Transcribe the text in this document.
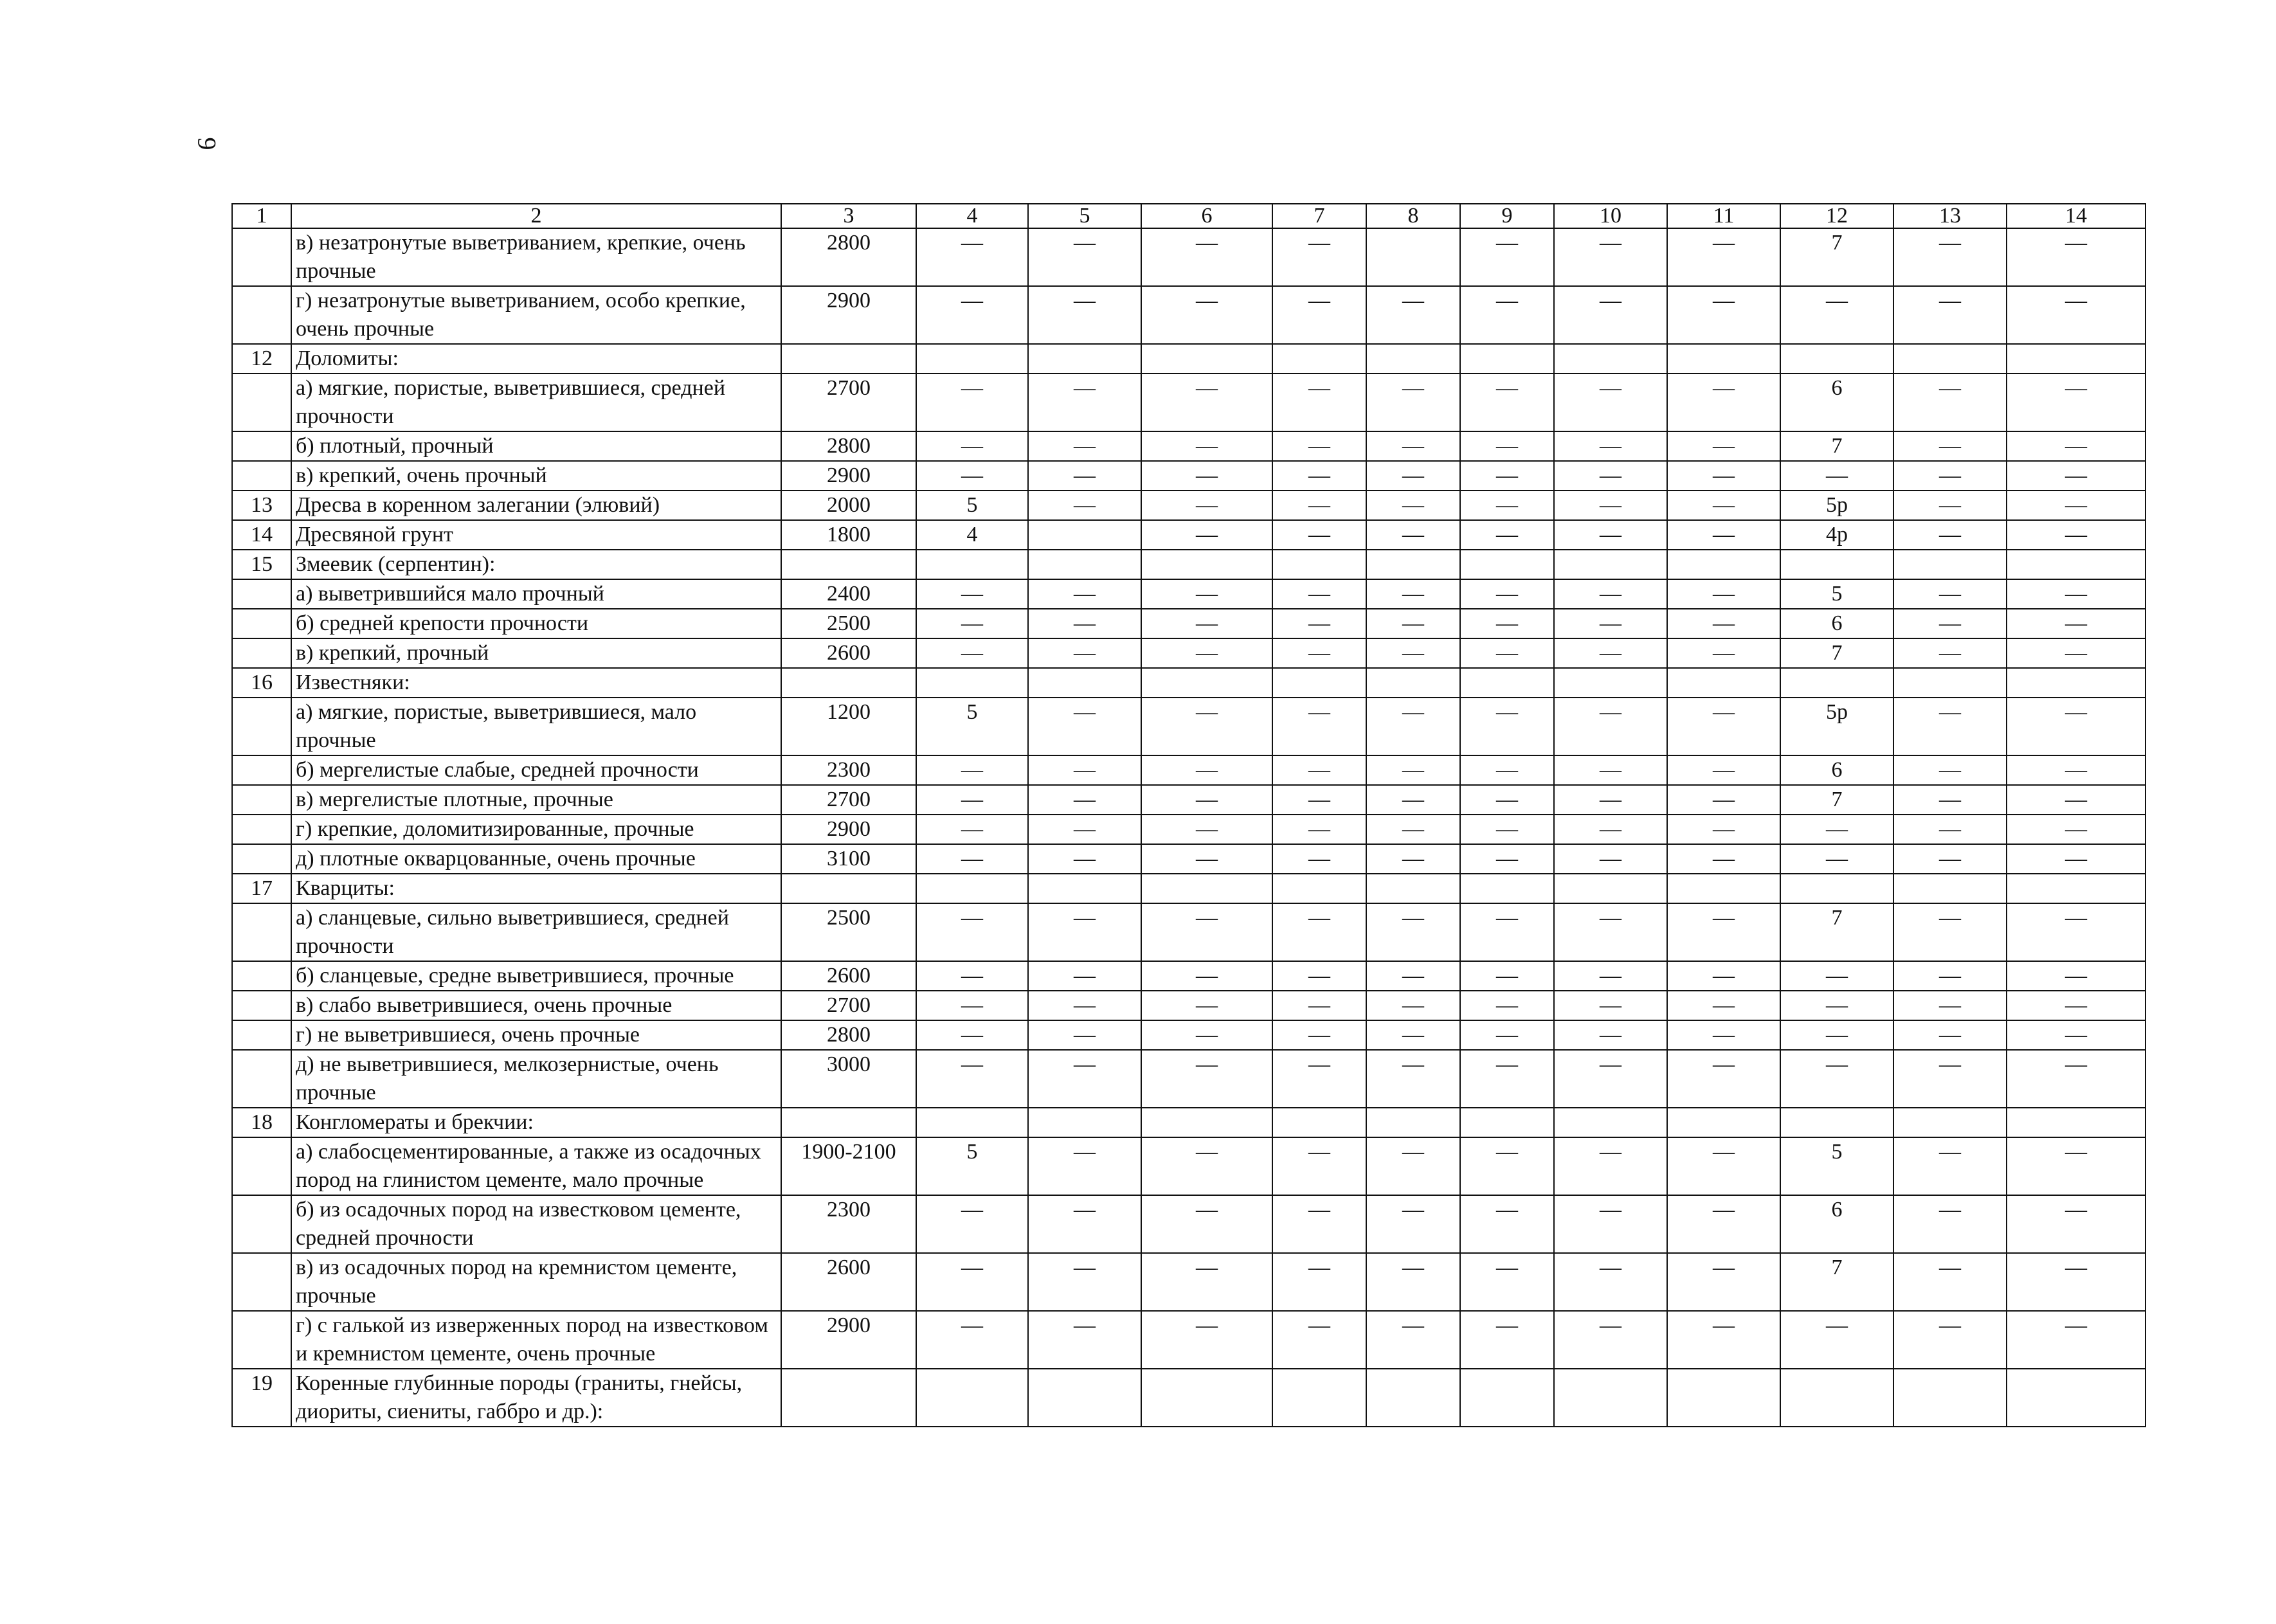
9
1	2	3	4	5	6	7	8	9	10	11	12	13	14
	в) незатронутые выветриванием, крепкие, очень прочные	2800	—	—	—	—		—	—	—	7	—	—
	г) незатронутые выветриванием, особо крепкие, очень прочные	2900	—	—	—	—	—	—	—	—	—	—	—
12	Доломиты:												
	а) мягкие, пористые, выветрившиеся, средней прочности	2700	—	—	—	—	—	—	—	—	6	—	—
	б) плотный, прочный	2800	—	—	—	—	—	—	—	—	7	—	—
	в) крепкий, очень прочный	2900	—	—	—	—	—	—	—	—	—	—	—
13	Дресва в коренном залегании (элювий)	2000	5	—	—	—	—	—	—	—	5р	—	—
14	Дресвяной грунт	1800	4		—	—	—	—	—	—	4р	—	—
15	Змеевик (серпентин):												
	а) выветрившийся мало прочный	2400	—	—	—	—	—	—	—	—	5	—	—
	б) средней крепости прочности	2500	—	—	—	—	—	—	—	—	6	—	—
	в) крепкий, прочный	2600	—	—	—	—	—	—	—	—	7	—	—
16	Известняки:												
	а) мягкие, пористые, выветрившиеся, мало прочные	1200	5	—	—	—	—	—	—	—	5р	—	—
	б) мергелистые слабые, средней прочности	2300	—	—	—	—	—	—	—	—	6	—	—
	в) мергелистые плотные, прочные	2700	—	—	—	—	—	—	—	—	7	—	—
	г) крепкие, доломитизированные, прочные	2900	—	—	—	—	—	—	—	—	—	—	—
	д) плотные окварцованные, очень прочные	3100	—	—	—	—	—	—	—	—	—	—	—
17	Кварциты:												
	а) сланцевые, сильно выветрившиеся, средней прочности	2500	—	—	—	—	—	—	—	—	7	—	—
	б) сланцевые, средне выветрившиеся, прочные	2600	—	—	—	—	—	—	—	—	—	—	—
	в) слабо выветрившиеся, очень прочные	2700	—	—	—	—	—	—	—	—	—	—	—
	г) не выветрившиеся, очень прочные	2800	—	—	—	—	—	—	—	—	—	—	—
	д) не выветрившиеся, мелкозернистые, очень прочные	3000	—	—	—	—	—	—	—	—	—	—	—
18	Конгломераты и брекчии:												
	а) слабосцементированные, а также из осадочных пород на глинистом цементе, мало прочные	1900-2100	5	—	—	—	—	—	—	—	5	—	—
	б) из осадочных пород на известковом цементе, средней прочности	2300	—	—	—	—	—	—	—	—	6	—	—
	в) из осадочных пород на кремнистом цементе, прочные	2600	—	—	—	—	—	—	—	—	7	—	—
	г) с галькой из изверженных пород на известковом и кремнистом цементе, очень прочные	2900	—	—	—	—	—	—	—	—	—	—	—
19	Коренные глубинные породы (граниты, гнейсы, диориты, сиениты, габбро и др.):												
